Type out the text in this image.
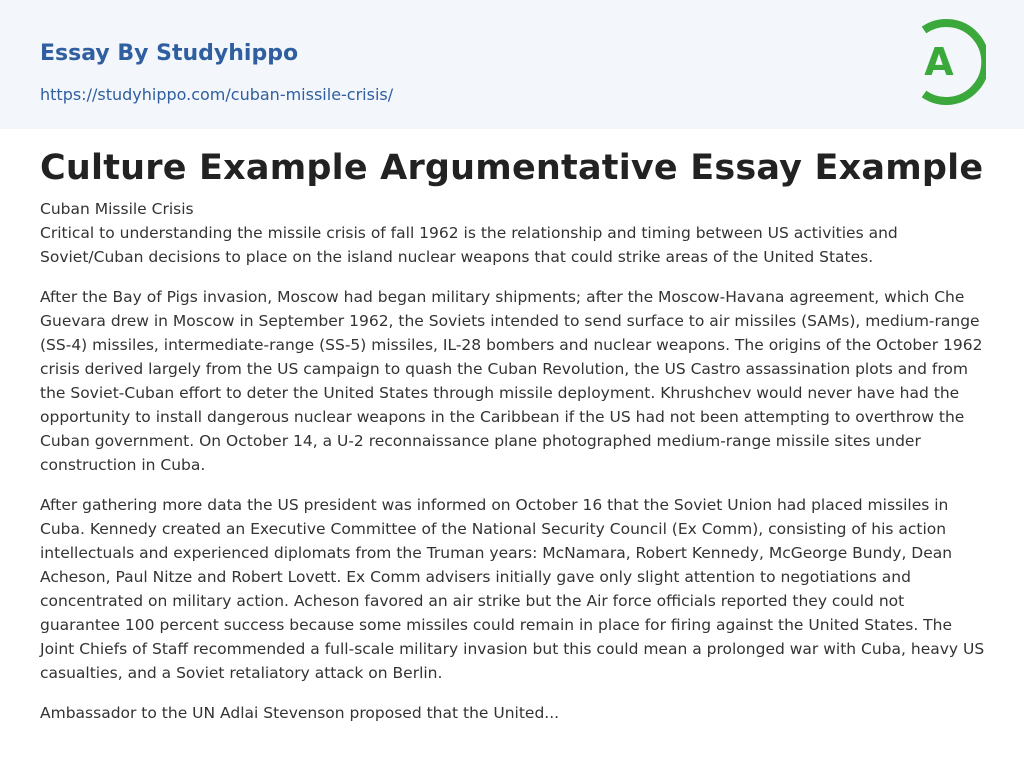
Essay By Studyhippo
https://studyhippo.com/cuban-missile-crisis/
A
Culture Example Argumentative Essay Example
Cuban Missile Crisis

Critical to understanding the missile crisis of fall 1962 is the relationship and timing between US activities and Soviet/Cuban decisions to place on the island nuclear weapons that could strike areas of the United States.

After the Bay of Pigs invasion, Moscow had began military shipments; after the Moscow-Havana agreement, which Che Guevara drew in Moscow in September 1962, the Soviets intended to send surface to air missiles (SAMs), medium-range (SS-4) missiles, intermediate-range (SS-5) missiles, IL-28 bombers and nuclear weapons. The origins of the October 1962 crisis derived largely from the US campaign to quash the Cuban Revolution, the US Castro assassination plots and from the Soviet-Cuban effort to deter the United States through missile deployment. Khrushchev would never have had the opportunity to install dangerous nuclear weapons in the Caribbean if the US had not been attempting to overthrow the Cuban government. On October 14, a U-2 reconnaissance plane photographed medium-range missile sites under construction in Cuba.

After gathering more data the US president was informed on October 16 that the Soviet Union had placed missiles in Cuba. Kennedy created an Executive Committee of the National Security Council (Ex Comm), consisting of his action intellectuals and experienced diplomats from the Truman years: McNamara, Robert Kennedy, McGeorge Bundy, Dean Acheson, Paul Nitze and Robert Lovett. Ex Comm advisers initially gave only slight attention to negotiations and concentrated on military action. Acheson favored an air strike but the Air force officials reported they could not guarantee 100 percent success because some missiles could remain in place for firing against the United States. The Joint Chiefs of Staff recommended a full-scale military invasion but this could mean a prolonged war with Cuba, heavy US casualties, and a Soviet retaliatory attack on Berlin.

Ambassador to the UN Adlai Stevenson proposed that the United...
